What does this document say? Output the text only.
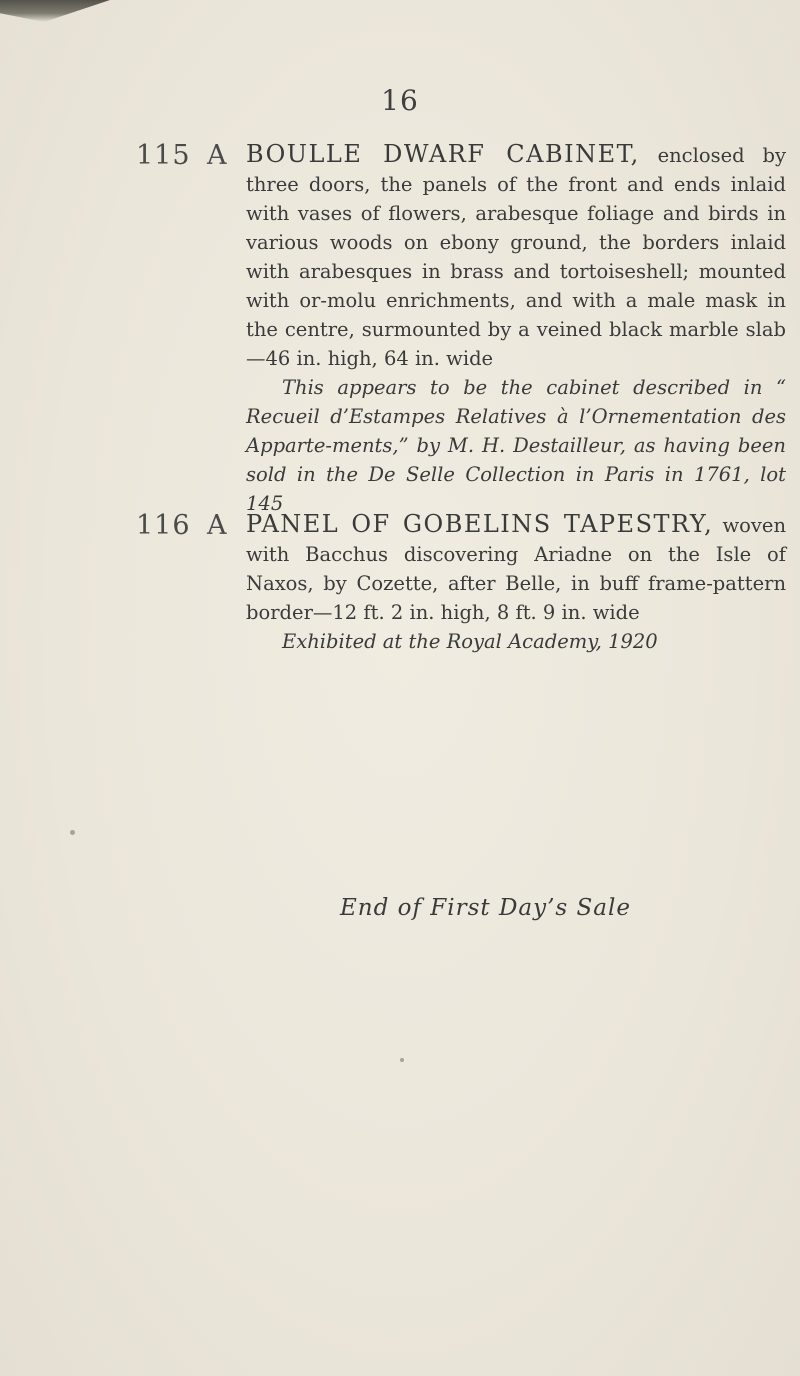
16
115 A BOULLE DWARF CABINET, enclosed by three doors, the panels of the front and ends inlaid with vases of flowers, arabesque foliage and birds in various woods on ebony ground, the borders inlaid with arabesques in brass and tortoiseshell; mounted with or-molu enrichments, and with a male mask in the centre, surmounted by a veined black marble slab—46 in. high, 64 in. wide

This appears to be the cabinet described in “ Recueil d’Estampes Relatives à l’Ornementation des Apparte-ments,” by M. H. Destailleur, as having been sold in the De Selle Collection in Paris in 1761, lot 145

116 A PANEL OF GOBELINS TAPESTRY, woven with Bacchus discovering Ariadne on the Isle of Naxos, by Cozette, after Belle, in buff frame-pattern border—12 ft. 2 in. high, 8 ft. 9 in. wide

Exhibited at the Royal Academy, 1920

End of First Day’s Sale
